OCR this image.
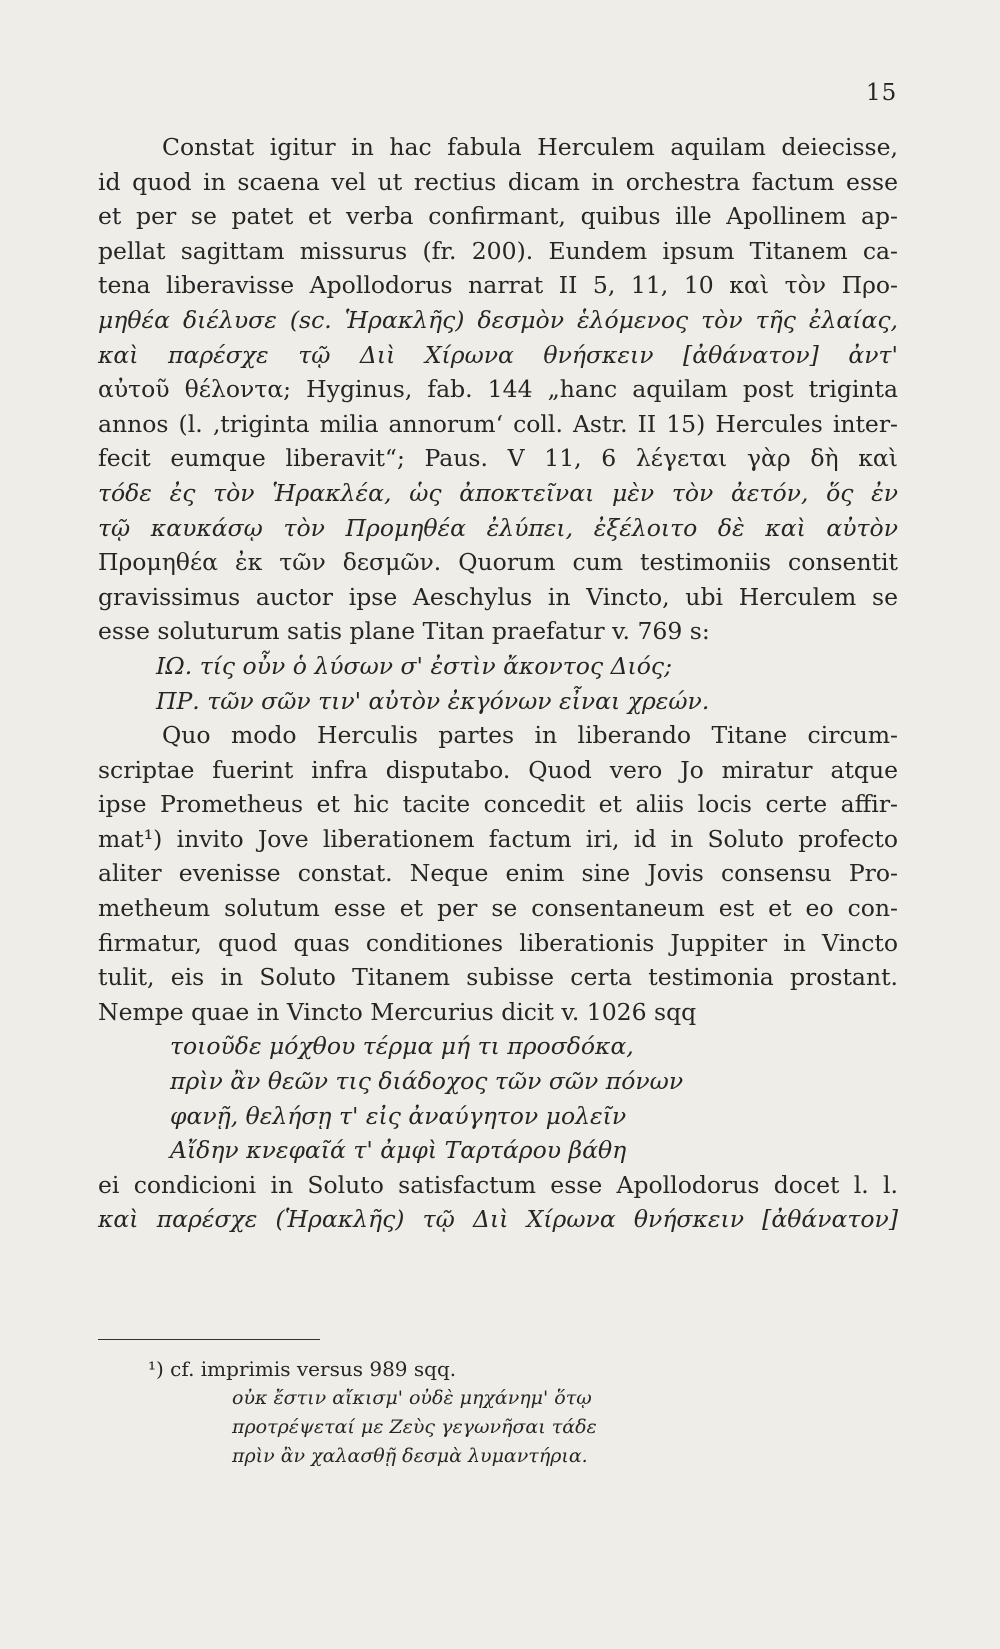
15
Constat igitur in hac fabula Herculem aquilam deiecisse,
id quod in scaena vel ut rectius dicam in orchestra factum esse
et per se patet et verba confirmant, quibus ille Apollinem ap-
pellat sagittam missurus (fr. 200). Eundem ipsum Titanem ca-
tena liberavisse Apollodorus narrat II 5, 11, 10 καὶ τὸν Προ-
μηθέα διέλυσε (sc. Ἡρακλῆς) δεσμὸν ἑλόμενος τὸν τῆς ἐλαίας,
καὶ παρέσχε τῷ Διὶ Χίρωνα θνήσκειν [ἀθάνατον] ἀντ'
αὐτοῦ θέλοντα; Hyginus, fab. 144 „hanc aquilam post triginta
annos (l. ‚triginta milia annorum‘ coll. Astr. II 15) Hercules inter-
fecit eumque liberavit“; Paus. V 11, 6 λέγεται γὰρ δὴ καὶ
τόδε ἐς τὸν Ἡρακλέα, ὡς ἀποκτεῖναι μὲν τὸν ἀετόν, ὅς ἐν
τῷ καυκάσῳ τὸν Προμηθέα ἐλύπει, ἐξέλοιτο δὲ καὶ αὐτὸν
Προμηθέα ἐκ τῶν δεσμῶν. Quorum cum testimoniis consentit
gravissimus auctor ipse Aeschylus in Vincto, ubi Herculem se
esse soluturum satis plane Titan praefatur v. 769 s:
ΙΩ. τίς οὖν ὁ λύσων σ' ἐστὶν ἄκοντος Διός;
ΠΡ. τῶν σῶν τιν' αὐτὸν ἐκγόνων εἶναι χρεών.
Quo modo Herculis partes in liberando Titane circum-
scriptae fuerint infra disputabo. Quod vero Jo miratur atque
ipse Prometheus et hic tacite concedit et aliis locis certe affir-
mat¹) invito Jove liberationem factum iri, id in Soluto profecto
aliter evenisse constat. Neque enim sine Jovis consensu Pro-
metheum solutum esse et per se consentaneum est et eo con-
firmatur, quod quas conditiones liberationis Juppiter in Vincto
tulit, eis in Soluto Titanem subisse certa testimonia prostant.
Nempe quae in Vincto Mercurius dicit v. 1026 sqq
τοιοῦδε μόχθου τέρμα μή τι προσδόκα,
πρὶν ἂν θεῶν τις διάδοχος τῶν σῶν πόνων
φανῇ, θελήσῃ τ' εἰς ἀναύγητον μολεῖν
Αἴδην κνεφαῖά τ' ἀμφὶ Ταρτάρου βάθη
ei condicioni in Soluto satisfactum esse Apollodorus docet l. l.
καὶ παρέσχε (Ἡρακλῆς) τῷ Διὶ Χίρωνα θνήσκειν [ἀθάνατον]
¹) cf. imprimis versus 989 sqq.
οὐκ ἔστιν αἴκισμ' οὐδὲ μηχάνημ' ὅτῳ
προτρέψεταί με Ζεὺς γεγωνῆσαι τάδε
πρὶν ἂν χαλασθῇ δεσμὰ λυμαντήρια.
